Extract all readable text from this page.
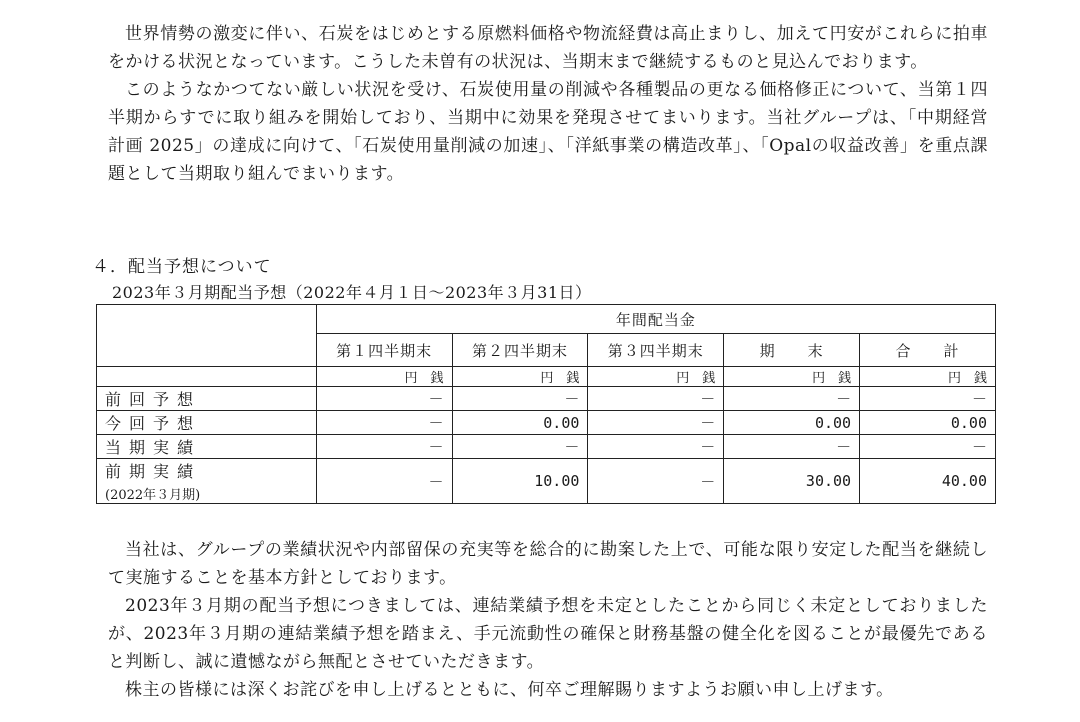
世界情勢の激変に伴い、石炭をはじめとする原燃料価格や物流経費は高止まりし、加えて円安がこれらに拍車をかける状況となっています。こうした未曽有の状況は、当期末まで継続するものと見込んでおります。

このようなかつてない厳しい状況を受け、石炭使用量の削減や各種製品の更なる価格修正について、当第１四半期からすでに取り組みを開始しており、当期中に効果を発現させてまいります。当社グループは、「中期経営計画 2025」の達成に向けて、「石炭使用量削減の加速」、「洋紙事業の構造改革」、「Opalの収益改善」を重点課題として当期取り組んでまいります。

４．配当予想について
2023年３月期配当予想（2022年４月１日～2023年３月31日）
	年間配当金				
	第１四半期末	第２四半期末	第３四半期末	期　　末	合　　計
	円　銭	円　銭	円　銭	円　銭	円　銭
前回予想	－	－	－	－	－
今回予想	－	0.00	－	0.00	0.00
当期実績	－	－	－	－	－
前期実績
(2022年３月期)	－	10.00	－	30.00	40.00

当社は、グループの業績状況や内部留保の充実等を総合的に勘案した上で、可能な限り安定した配当を継続して実施することを基本方針としております。

2023年３月期の配当予想につきましては、連結業績予想を未定としたことから同じく未定としておりましたが、2023年３月期の連結業績予想を踏まえ、手元流動性の確保と財務基盤の健全化を図ることが最優先であると判断し、誠に遺憾ながら無配とさせていただきます。

株主の皆様には深くお詫びを申し上げるとともに、何卒ご理解賜りますようお願い申し上げます。
